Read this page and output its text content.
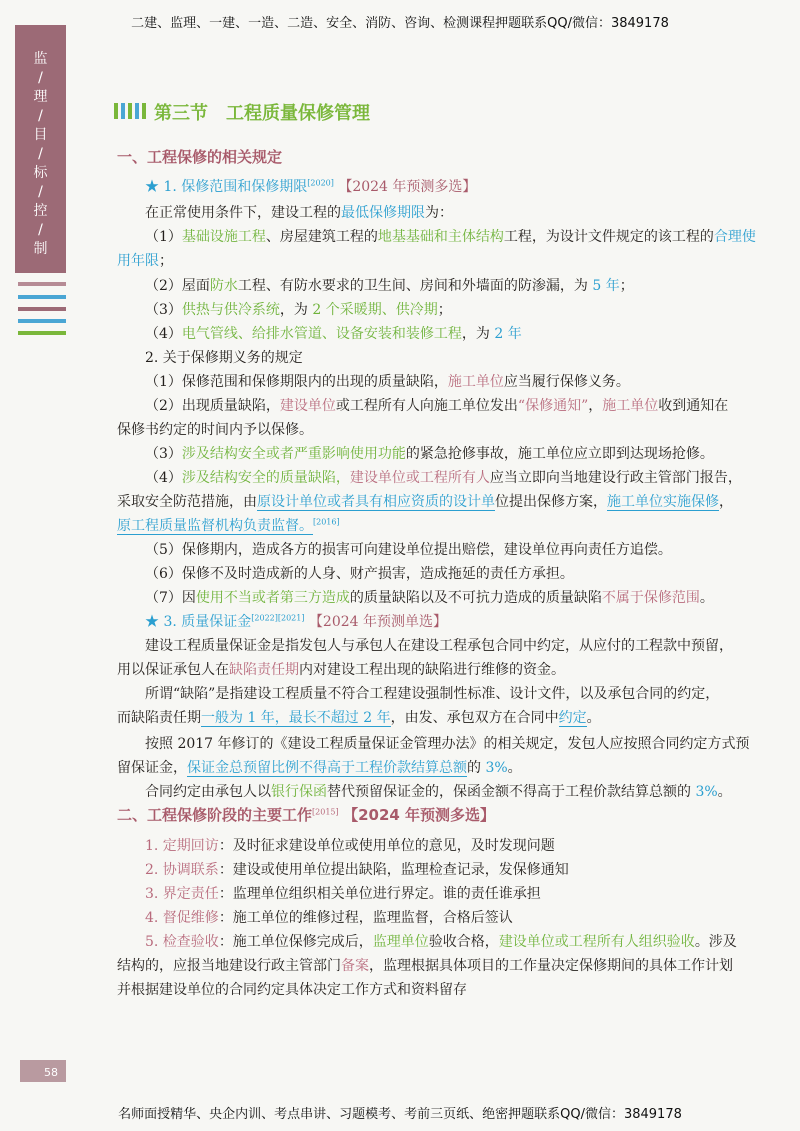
二建、监理、一建、一造、二造、安全、消防、咨询、检测课程押题联系QQ/微信：3849178
监
/
理
/
目
/
标
/
控
/
制
第三节　工程质量保修管理
一、工程保修的相关规定
★ 1. 保修范围和保修期限[2020] 【2024 年预测多选】
在正常使用条件下，建设工程的最低保修期限为：
（1）基础设施工程、房屋建筑工程的地基基础和主体结构工程，为设计文件规定的该工程的合理使
用年限；
（2）屋面防水工程、有防水要求的卫生间、房间和外墙面的防渗漏，为 5 年；
（3）供热与供冷系统，为 2 个采暖期、供冷期；
（4）电气管线、给排水管道、设备安装和装修工程，为 2 年
2. 关于保修期义务的规定
（1）保修范围和保修期限内的出现的质量缺陷，施工单位应当履行保修义务。
（2）出现质量缺陷，建设单位或工程所有人向施工单位发出“保修通知”，施工单位收到通知在
保修书约定的时间内予以保修。
（3）涉及结构安全或者严重影响使用功能的紧急抢修事故，施工单位应立即到达现场抢修。
（4）涉及结构安全的质量缺陷，建设单位或工程所有人应当立即向当地建设行政主管部门报告，
采取安全防范措施，由原设计单位或者具有相应资质的设计单位提出保修方案，施工单位实施保修，
原工程质量监督机构负责监督。[2016]
（5）保修期内，造成各方的损害可向建设单位提出赔偿，建设单位再向责任方追偿。
（6）保修不及时造成新的人身、财产损害，造成拖延的责任方承担。
（7）因使用不当或者第三方造成的质量缺陷以及不可抗力造成的质量缺陷不属于保修范围。
★ 3. 质量保证金[2022][2021] 【2024 年预测单选】
建设工程质量保证金是指发包人与承包人在建设工程承包合同中约定，从应付的工程款中预留，
用以保证承包人在缺陷责任期内对建设工程出现的缺陷进行维修的资金。
所谓“缺陷”是指建设工程质量不符合工程建设强制性标准、设计文件，以及承包合同的约定，
而缺陷责任期一般为 1 年，最长不超过 2 年，由发、承包双方在合同中约定。
按照 2017 年修订的《建设工程质量保证金管理办法》的相关规定，发包人应按照合同约定方式预
留保证金，保证金总预留比例不得高于工程价款结算总额的 3%。
合同约定由承包人以银行保函替代预留保证金的，保函金额不得高于工程价款结算总额的 3%。
二、工程保修阶段的主要工作[2015] 【2024 年预测多选】
1. 定期回访：及时征求建设单位或使用单位的意见，及时发现问题
2. 协调联系：建设或使用单位提出缺陷，监理检查记录，发保修通知
3. 界定责任：监理单位组织相关单位进行界定。谁的责任谁承担
4. 督促维修：施工单位的维修过程，监理监督，合格后签认
5. 检查验收：施工单位保修完成后，监理单位验收合格，建设单位或工程所有人组织验收。涉及
结构的，应报当地建设行政主管部门备案，监理根据具体项目的工作量决定保修期间的具体工作计划
并根据建设单位的合同约定具体决定工作方式和资料留存
58
名师面授精华、央企内训、考点串讲、习题模考、考前三页纸、绝密押题联系QQ/微信：3849178
